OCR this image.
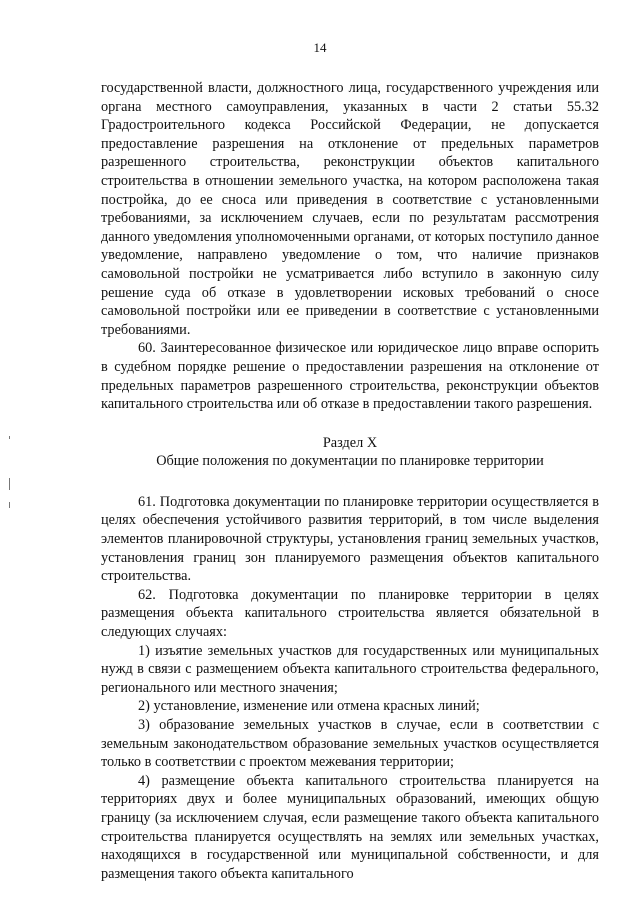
14

государственной власти, должностного лица, государственного учреждения или органа местного самоуправления, указанных в части 2 статьи 55.32 Градостроительного кодекса Российской Федерации, не допускается предоставление разрешения на отклонение от предельных параметров разрешенного строительства, реконструкции объектов капитального строительства в отношении земельного участка, на котором расположена такая постройка, до ее сноса или приведения в соответствие с установленными требованиями, за исключением случаев, если по результатам рассмотрения данного уведомления уполномоченными органами, от которых поступило данное уведомление, направлено уведомление о том, что наличие признаков самовольной постройки не усматривается либо вступило в законную силу решение суда об отказе в удовлетворении исковых требований о сносе самовольной постройки или ее приведении в соответствие с установленными требованиями.

60. Заинтересованное физическое или юридическое лицо вправе оспорить в судебном порядке решение о предоставлении разрешения на отклонение от предельных параметров разрешенного строительства, реконструкции объектов капитального строительства или об отказе в предоставлении такого разрешения.

Раздел X
Общие положения по документации по планировке территории

61. Подготовка документации по планировке территории осуществляется в целях обеспечения устойчивого развития территорий, в том числе выделения элементов планировочной структуры, установления границ земельных участков, установления границ зон планируемого размещения объектов капитального строительства.

62. Подготовка документации по планировке территории в целях размещения объекта капитального строительства является обязательной в следующих случаях:

1) изъятие земельных участков для государственных или муниципальных нужд в связи с размещением объекта капитального строительства федерального, регионального или местного значения;

2) установление, изменение или отмена красных линий;

3) образование земельных участков в случае, если в соответствии с земельным законодательством образование земельных участков осуществляется только в соответствии с проектом межевания территории;

4) размещение объекта капитального строительства планируется на территориях двух и более муниципальных образований, имеющих общую границу (за исключением случая, если размещение такого объекта капитального строительства планируется осуществлять на землях или земельных участках, находящихся в государственной или муниципальной собственности, и для размещения такого объекта капитального
